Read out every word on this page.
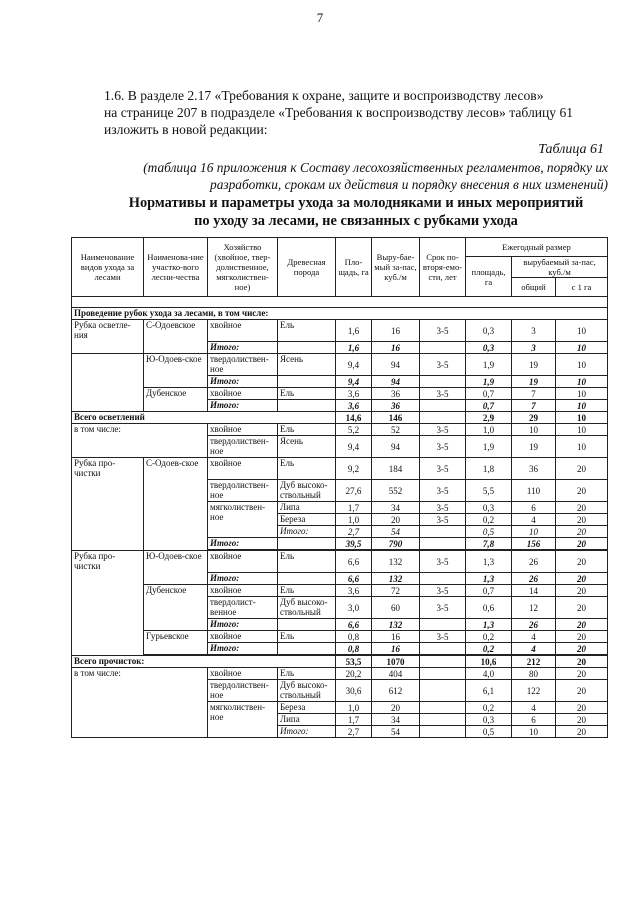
7
1.6. В разделе 2.17 «Требования к охране, защите и воспроизводству лесов»
на странице 207 в подразделе «Требования к воспроизводству лесов» таблицу 61
изложить в новой редакции:
Таблица 61
(таблица 16 приложения к Составу лесохозяйственных регламентов, порядку их
разработки, срокам их действия и порядку внесения в них изменений)
Нормативы и параметры ухода за молодняками и иных мероприятий
по уходу за лесами, не связанных с рубками ухода
Наименование видов ухода за лесами	Наименова-ние участко-вого лесни-чества	Хозяйство (хвойное, твер-долиственное, мягколиствен-ное)	Древесная порода	Пло-щадь, га	Выру-бае-мый за-пас, куб./м	Срок по-вторя-емо-сти, лет	Ежегодный размер		
							площадь, га	вырубаемый за-пас, куб./м	
								общий	с 1 га

Проведение рубок ухода за лесами, в том числе:									
Рубка осветле-ния	С-Одоевское	хвойное	Ель	1,6	16	3-5	0,3	3	10
		Итого:		1,6	16		0,3	3	10
	Ю-Одоев-ское	твердолиствен-ное	Ясень	9,4	94	3-5	1,9	19	10
		Итого:		9,4	94		1,9	19	10
	Дубенское	хвойное	Ель	3,6	36	3-5	0,7	7	10
		Итого:		3,6	36		0,7	7	10
Всего осветлений				14,6	146		2,9	29	10
в том числе:		хвойное	Ель	5,2	52	3-5	1,0	10	10
		твердолиствен-ное	Ясень	9,4	94	3-5	1,9	19	10
Рубка про-чистки	С-Одоев-ское	хвойное	Ель	9,2	184	3-5	1,8	36	20
		твердолиствен-ное	Дуб высоко-ствольный	27,6	552	3-5	5,5	110	20
		мягколиствен-ное	Липа	1,7	34	3-5	0,3	6	20
			Береза	1,0	20	3-5	0,2	4	20
			Итого:	2,7	54		0,5	10	20
		Итого:		39,5	790		7,8	156	20

Рубка про-чистки	Ю-Одоев-ское	хвойное	Ель	6,6	132	3-5	1,3	26	20
		Итого:		6,6	132		1,3	26	20
	Дубенское	хвойное	Ель	3,6	72	3-5	0,7	14	20
		твердолист-венное	Дуб высоко-ствольный	3,0	60	3-5	0,6	12	20
		Итого:		6,6	132		1,3	26	20
	Гурьевское	хвойное	Ель	0,8	16	3-5	0,2	4	20
		Итого:		0,8	16		0,2	4	20

Всего прочисток:				53,5	1070		10,6	212	20
в том числе:		хвойное	Ель	20,2	404		4,0	80	20
		твердолиствен-ное	Дуб высоко-ствольный	30,6	612		6,1	122	20
		мягколиствен-ное	Береза	1,0	20		0,2	4	20
			Липа	1,7	34		0,3	6	20
			Итого:	2,7	54		0,5	10	20
